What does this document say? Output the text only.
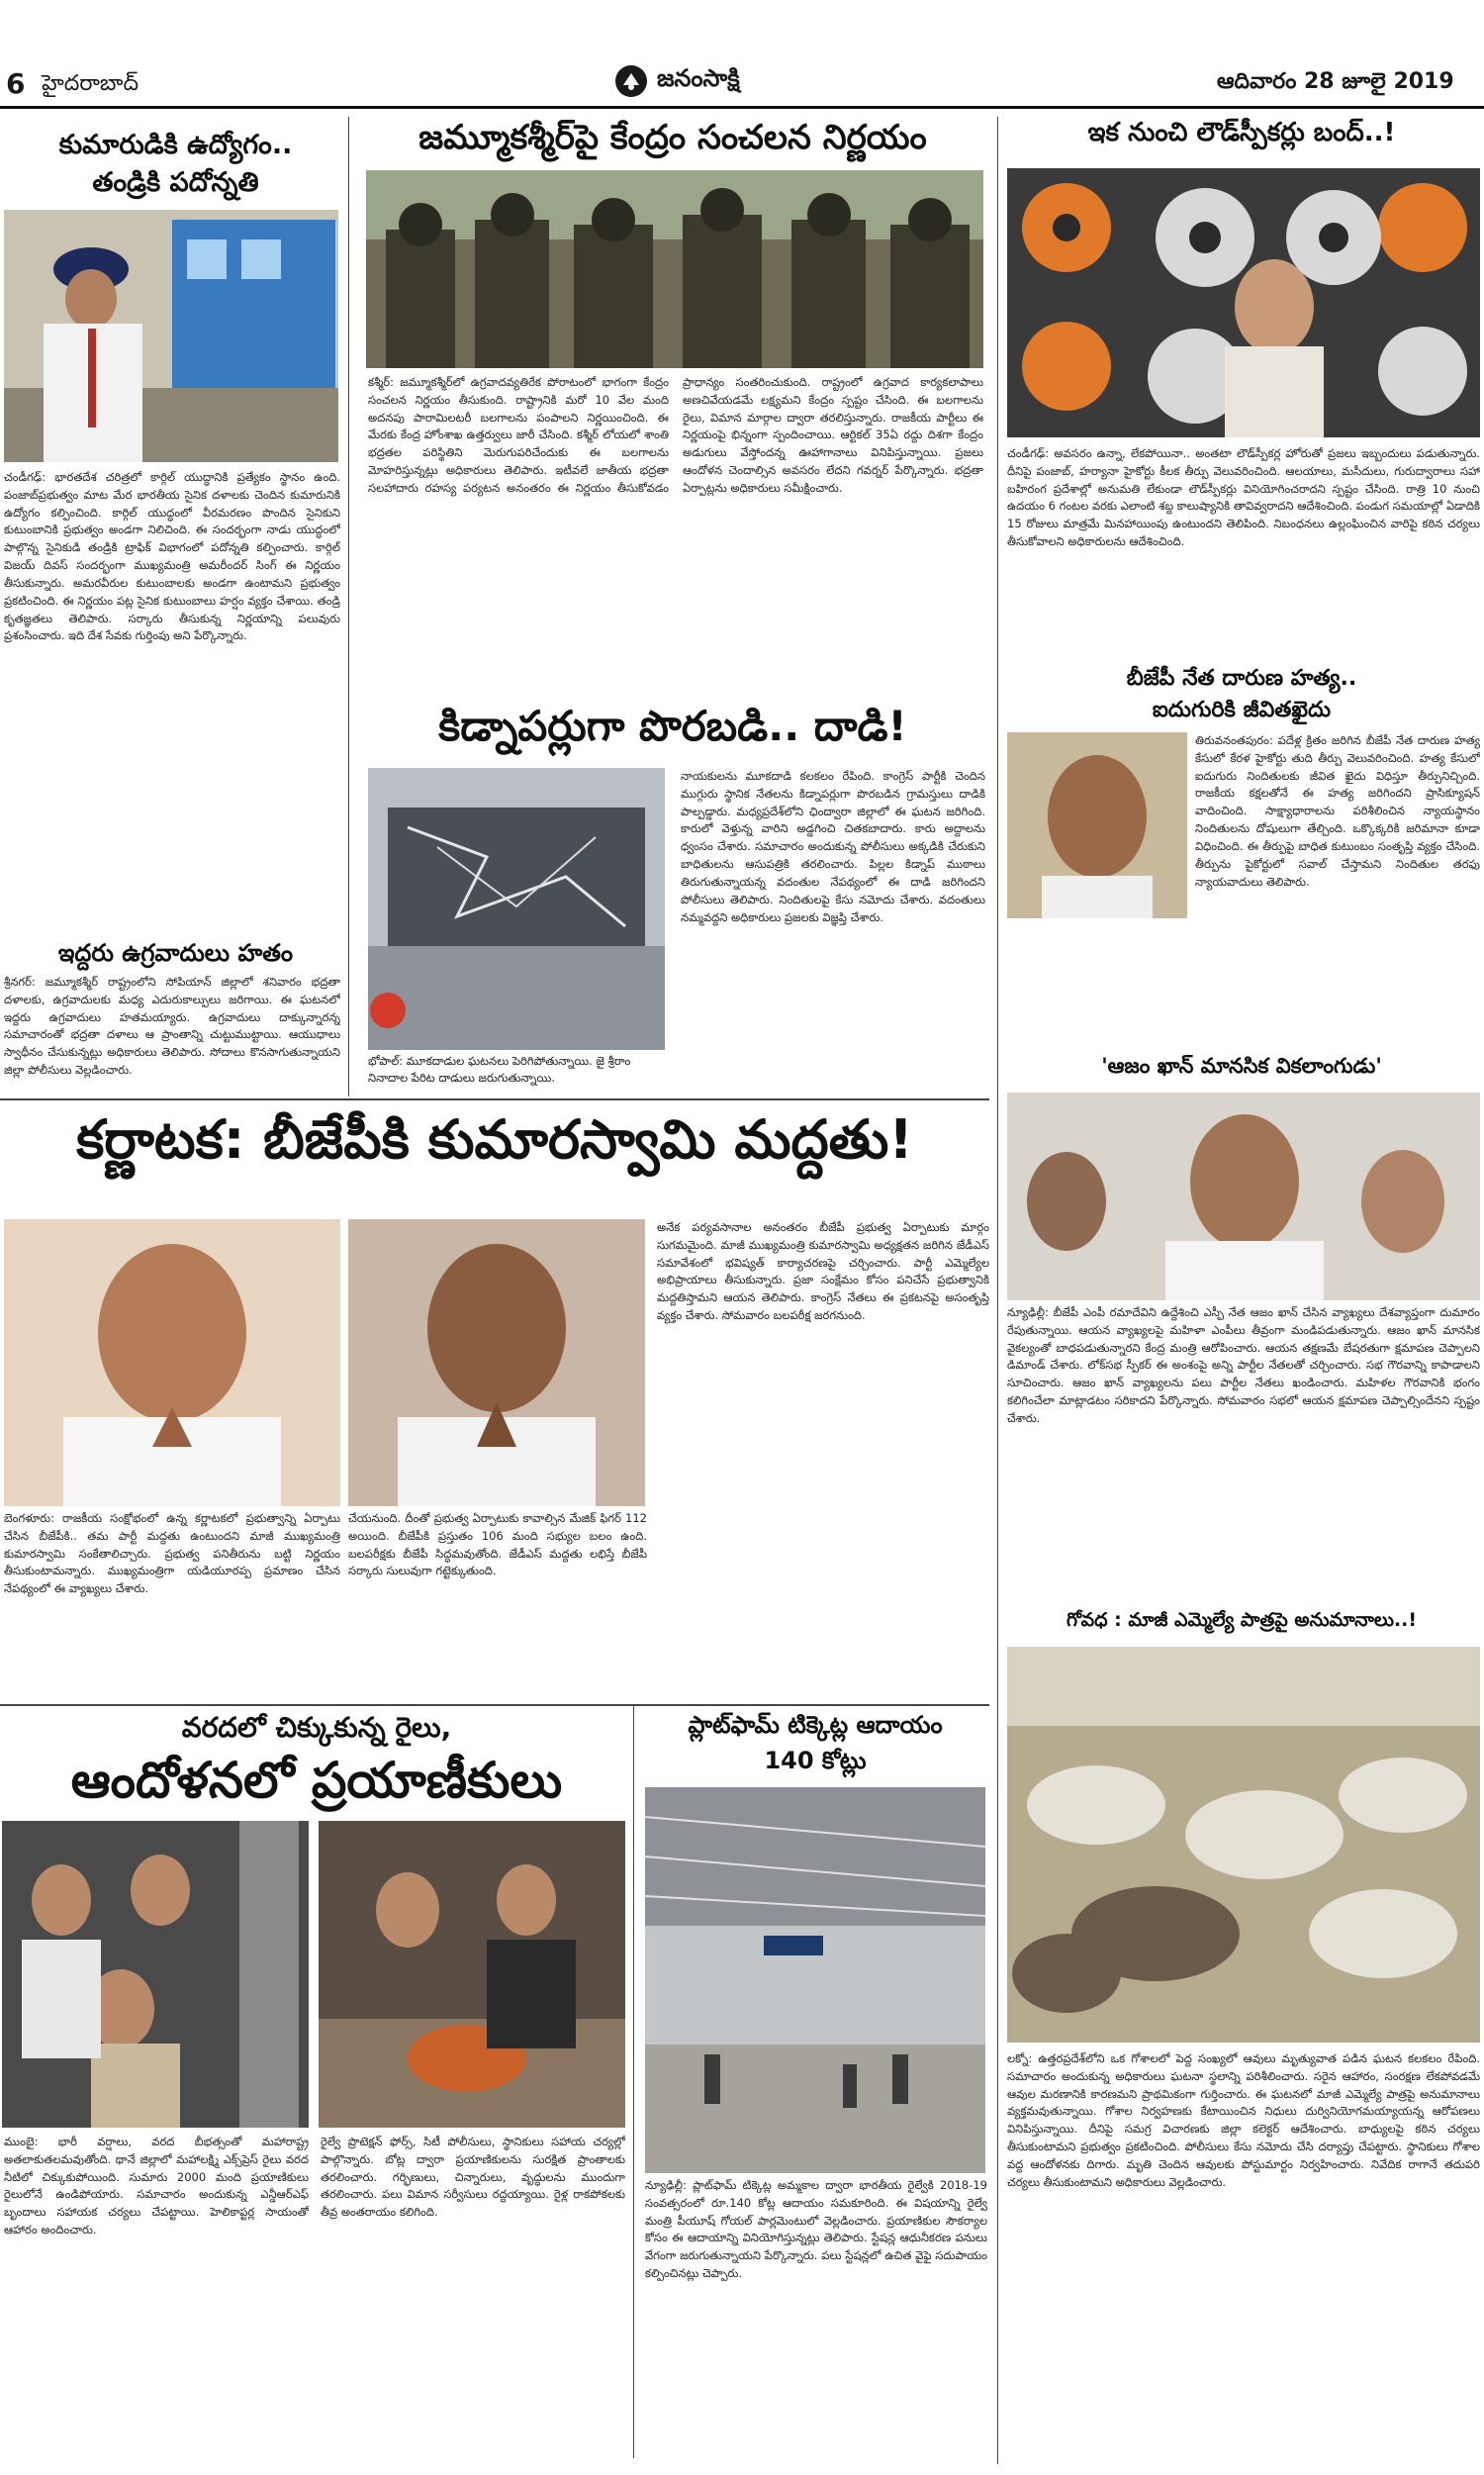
6 హైదరాబాద్	జనంసాక్షి	ఆదివారం 28 జూలై 2019
కుమారుడికి ఉద్యోగం..
తండ్రికి పదోన్నతి
చండీగఢ్‌: భారతదేశ చరిత్రలో కార్గిల్‌ యుద్ధానికి ప్రత్యేకం స్థానం ఉంది. పంజాబ్‌ప్రభుత్వం మాట మేర భారతీయ సైనిక దళాలకు చెందిన కుమారునికి ఉద్యోగం కల్పించింది. కార్గిల్‌ యుద్ధంలో వీరమరణం పొందిన సైనికుని కుటుంబానికి ప్రభుత్వం అండగా నిలిచింది. ఈ సందర్భంగా నాడు యుద్ధంలో పాల్గొన్న సైనికుడి తండ్రికి ట్రాఫిక్‌ విభాగంలో పదోన్నతి కల్పించారు. కార్గిల్‌ విజయ్‌ దివస్‌ సందర్భంగా ముఖ్యమంత్రి అమరీందర్‌ సింగ్‌ ఈ నిర్ణయం తీసుకున్నారు. అమరవీరుల కుటుంబాలకు అండగా ఉంటామని ప్రభుత్వం ప్రకటించింది. ఈ నిర్ణయం పట్ల సైనిక కుటుంబాలు హర్షం వ్యక్తం చేశాయి. తండ్రి కృతజ్ఞతలు తెలిపారు. సర్కారు తీసుకున్న నిర్ణయాన్ని పలువురు ప్రశంసించారు. ఇది దేశ సేవకు గుర్తింపు అని పేర్కొన్నారు.
ఇద్దరు ఉగ్రవాదులు హతం
శ్రీనగర్‌: జమ్మూకశ్మీర్‌ రాష్ట్రంలోని సోపియాన్‌ జిల్లాలో శనివారం భద్రతా దళాలకు, ఉగ్రవాదులకు మధ్య ఎదురుకాల్పులు జరిగాయి. ఈ ఘటనలో ఇద్దరు ఉగ్రవాదులు హతమయ్యారు. ఉగ్రవాదులు దాక్కున్నారన్న సమాచారంతో భద్రతా దళాలు ఆ ప్రాంతాన్ని చుట్టుముట్టాయి. ఆయుధాలు స్వాధీనం చేసుకున్నట్లు అధికారులు తెలిపారు. సోదాలు కొనసాగుతున్నాయని జిల్లా పోలీసులు వెల్లడించారు.
జమ్మూకశ్మీర్‌పై కేంద్రం సంచలన నిర్ణయం
కశ్మీర్‌: జమ్మూకశ్మీర్‌లో ఉగ్రవాదవ్యతిరేక పోరాటంలో భాగంగా కేంద్రం సంచలన నిర్ణయం తీసుకుంది. రాష్ట్రానికి మరో 10 వేల మంది అదనపు పారామిలటరీ బలగాలను పంపాలని నిర్ణయించింది. ఈ మేరకు కేంద్ర హోంశాఖ ఉత్తర్వులు జారీ చేసింది. కశ్మీర్‌ లోయలో శాంతి భద్రతల పరిస్థితిని మెరుగుపరిచేందుకు ఈ బలగాలను మోహరిస్తున్నట్లు అధికారులు తెలిపారు. ఇటీవలే జాతీయ భద్రతా సలహాదారు రహస్య పర్యటన అనంతరం ఈ నిర్ణయం తీసుకోవడం ప్రాధాన్యం సంతరించుకుంది. రాష్ట్రంలో ఉగ్రవాద కార్యకలాపాలు అణచివేయడమే లక్ష్యమని కేంద్రం స్పష్టం చేసింది. ఈ బలగాలను రైలు, విమాన మార్గాల ద్వారా తరలిస్తున్నారు. రాజకీయ పార్టీలు ఈ నిర్ణయంపై భిన్నంగా స్పందించాయి. ఆర్టికల్‌ 35ఏ రద్దు దిశగా కేంద్రం అడుగులు వేస్తోందన్న ఊహాగానాలు వినిపిస్తున్నాయి. ప్రజలు ఆందోళన చెందాల్సిన అవసరం లేదని గవర్నర్‌ పేర్కొన్నారు. భద్రతా ఏర్పాట్లను అధికారులు సమీక్షించారు.
కిడ్నాపర్లుగా పొరబడి.. దాడి!
భోపాల్‌: మూకదాడుల ఘటనలు పెరిగిపోతున్నాయి. జై శ్రీరాం నినాదాల పేరిట దాడులు జరుగుతున్నాయి.
నాయకులను మూకదాడి కలకలం రేపింది. కాంగ్రెస్‌ పార్టీకి చెందిన ముగ్గురు స్థానిక నేతలను కిడ్నాపర్లుగా పొరబడిన గ్రామస్తులు దాడికి పాల్పడ్డారు. మధ్యప్రదేశ్‌లోని ఛింద్వారా జిల్లాలో ఈ ఘటన జరిగింది. కారులో వెళ్తున్న వారిని అడ్డగించి చితకబాదారు. కారు అద్దాలను ధ్వంసం చేశారు. సమాచారం అందుకున్న పోలీసులు అక్కడికి చేరుకుని బాధితులను ఆసుపత్రికి తరలించారు. పిల్లల కిడ్నాప్‌ ముఠాలు తిరుగుతున్నాయన్న వదంతుల నేపథ్యంలో ఈ దాడి జరిగిందని పోలీసులు తెలిపారు. నిందితులపై కేసు నమోదు చేశారు. వదంతులు నమ్మవద్దని అధికారులు ప్రజలకు విజ్ఞప్తి చేశారు.
ఇక నుంచి లౌడ్‌స్పీకర్లు బంద్‌..!
చండీగఢ్‌: అవసరం ఉన్నా, లేకపోయినా.. అంతటా లౌడ్‌స్పీకర్ల హోరుతో ప్రజలు ఇబ్బందులు పడుతున్నారు. దీనిపై పంజాబ్‌, హర్యానా హైకోర్టు కీలక తీర్పు వెలువరించింది. ఆలయాలు, మసీదులు, గురుద్వారాలు సహా బహిరంగ ప్రదేశాల్లో అనుమతి లేకుండా లౌడ్‌స్పీకర్లు వినియోగించరాదని స్పష్టం చేసింది. రాత్రి 10 నుంచి ఉదయం 6 గంటల వరకు ఎలాంటి శబ్ద కాలుష్యానికి తావివ్వరాదని ఆదేశించింది. పండుగ సమయాల్లో ఏడాదికి 15 రోజులు మాత్రమే మినహాయింపు ఉంటుందని తెలిపింది. నిబంధనలు ఉల్లంఘించిన వారిపై కఠిన చర్యలు తీసుకోవాలని అధికారులను ఆదేశించింది.
బీజేపీ నేత దారుణ హత్య..
ఐదుగురికి జీవితఖైదు
తిరువనంతపురం: పదేళ్ల క్రితం జరిగిన బీజేపీ నేత దారుణ హత్య కేసులో కేరళ హైకోర్టు తుది తీర్పు వెలువరించింది. హత్య కేసులో ఐదుగురు నిందితులకు జీవిత ఖైదు విధిస్తూ తీర్పునిచ్చింది. రాజకీయ కక్షలతోనే ఈ హత్య జరిగిందని ప్రాసిక్యూషన్‌ వాదించింది. సాక్ష్యాధారాలను పరిశీలించిన న్యాయస్థానం నిందితులను దోషులుగా తేల్చింది. ఒక్కొక్కరికి జరిమానా కూడా విధించింది. ఈ తీర్పుపై బాధిత కుటుంబం సంతృప్తి వ్యక్తం చేసింది. తీర్పును పైకోర్టులో సవాల్‌ చేస్తామని నిందితుల తరఫు న్యాయవాదులు తెలిపారు.
'ఆజం ఖాన్‌ మానసిక వికలాంగుడు'
న్యూఢిల్లీ: బీజేపీ ఎంపీ రమాదేవిని ఉద్దేశించి ఎస్పీ నేత ఆజం ఖాన్‌ చేసిన వ్యాఖ్యలు దేశవ్యాప్తంగా దుమారం రేపుతున్నాయి. ఆయన వ్యాఖ్యలపై మహిళా ఎంపీలు తీవ్రంగా మండిపడుతున్నారు. ఆజం ఖాన్‌ మానసిక వైకల్యంతో బాధపడుతున్నారని కేంద్ర మంత్రి ఆరోపించారు. ఆయన తక్షణమే బేషరతుగా క్షమాపణ చెప్పాలని డిమాండ్‌ చేశారు. లోక్‌సభ స్పీకర్‌ ఈ అంశంపై అన్ని పార్టీల నేతలతో చర్చించారు. సభ గౌరవాన్ని కాపాడాలని సూచించారు. ఆజం ఖాన్‌ వ్యాఖ్యలను పలు పార్టీల నేతలు ఖండించారు. మహిళల గౌరవానికి భంగం కలిగించేలా మాట్లాడటం సరికాదని పేర్కొన్నారు. సోమవారం సభలో ఆయన క్షమాపణ చెప్పాల్సిందేనని స్పష్టం చేశారు.
గోవధ : మాజీ ఎమ్మెల్యే పాత్రపై అనుమానాలు..!
లక్నో: ఉత్తరప్రదేశ్‌లోని ఒక గోశాలలో పెద్ద సంఖ్యలో ఆవులు మృత్యువాత పడిన ఘటన కలకలం రేపింది. సమాచారం అందుకున్న అధికారులు ఘటనా స్థలాన్ని పరిశీలించారు. సరైన ఆహారం, సంరక్షణ లేకపోవడమే ఆవుల మరణానికి కారణమని ప్రాథమికంగా గుర్తించారు. ఈ ఘటనలో మాజీ ఎమ్మెల్యే పాత్రపై అనుమానాలు వ్యక్తమవుతున్నాయి. గోశాల నిర్వహణకు కేటాయించిన నిధులు దుర్వినియోగమయ్యాయన్న ఆరోపణలు వినిపిస్తున్నాయి. దీనిపై సమగ్ర విచారణకు జిల్లా కలెక్టర్‌ ఆదేశించారు. బాధ్యులపై కఠిన చర్యలు తీసుకుంటామని ప్రభుత్వం ప్రకటించింది. పోలీసులు కేసు నమోదు చేసి దర్యాప్తు చేపట్టారు. స్థానికులు గోశాల వద్ద ఆందోళనకు దిగారు. మృతి చెందిన ఆవులకు పోస్టుమార్టం నిర్వహించారు. నివేదిక రాగానే తదుపరి చర్యలు తీసుకుంటామని అధికారులు వెల్లడించారు.
కర్ణాటక: బీజేపీకి కుమారస్వామి మద్దతు!
బెంగళూరు: రాజకీయ సంక్షోభంలో ఉన్న కర్ణాటకలో ప్రభుత్వాన్ని ఏర్పాటు చేసిన బీజేపీకి.. తమ పార్టీ మద్దతు ఉంటుందని మాజీ ముఖ్యమంత్రి కుమారస్వామి సంకేతాలిచ్చారు. ప్రభుత్వ పనితీరును బట్టి నిర్ణయం తీసుకుంటామన్నారు. ముఖ్యమంత్రిగా యడియూరప్ప ప్రమాణం చేసిన నేపథ్యంలో ఈ వ్యాఖ్యలు చేశారు.
చేయనుంది. దీంతో ప్రభుత్వ ఏర్పాటుకు కావాల్సిన మేజిక్‌ ఫిగర్‌ 112 అయింది. బీజేపీకి ప్రస్తుతం 106 మంది సభ్యుల బలం ఉంది. బలపరీక్షకు బీజేపీ సిద్ధమవుతోంది. జేడీఎస్‌ మద్దతు లభిస్తే బీజేపీ సర్కారు సులువుగా గట్టెక్కుతుంది.
అనేక పర్యవసానాల అనంతరం బీజేపీ ప్రభుత్వ ఏర్పాటుకు మార్గం సుగమమైంది. మాజీ ముఖ్యమంత్రి కుమారస్వామి అధ్యక్షతన జరిగిన జేడీఎస్‌ సమావేశంలో భవిష్యత్‌ కార్యాచరణపై చర్చించారు. పార్టీ ఎమ్మెల్యేల అభిప్రాయాలు తీసుకున్నారు. ప్రజా సంక్షేమం కోసం పనిచేసే ప్రభుత్వానికి మద్దతిస్తామని ఆయన తెలిపారు. కాంగ్రెస్‌ నేతలు ఈ ప్రకటనపై అసంతృప్తి వ్యక్తం చేశారు. సోమవారం బలపరీక్ష జరగనుంది.
వరదలో చిక్కుకున్న రైలు,
ఆందోళనలో ప్రయాణీకులు
ముంబై: భారీ వర్షాలు, వరద బీభత్సంతో మహారాష్ట్ర అతలాకుతలమవుతోంది. థానే జిల్లాలో మహాలక్ష్మి ఎక్స్‌ప్రెస్‌ రైలు వరద నీటిలో చిక్కుకుపోయింది. సుమారు 2000 మంది ప్రయాణికులు రైలులోనే ఉండిపోయారు. సమాచారం అందుకున్న ఎన్డీఆర్‌ఎఫ్‌ బృందాలు సహాయక చర్యలు చేపట్టాయి. హెలికాప్టర్ల సాయంతో ఆహారం అందించారు.
రైల్వే ప్రొటెక్షన్‌ ఫోర్స్‌, సిటీ పోలీసులు, స్థానికులు సహాయ చర్యల్లో పాల్గొన్నారు. బోట్ల ద్వారా ప్రయాణికులను సురక్షిత ప్రాంతాలకు తరలించారు. గర్భిణులు, చిన్నారులు, వృద్ధులను ముందుగా తరలించారు. పలు విమాన సర్వీసులు రద్దయ్యాయి. రైళ్ల రాకపోకలకు తీవ్ర అంతరాయం కలిగింది.
ప్లాట్‌ఫామ్‌ టిక్కెట్ల ఆదాయం
140 కోట్లు
న్యూఢిల్లీ: ప్లాట్‌ఫామ్‌ టిక్కెట్ల అమ్మకాల ద్వారా భారతీయ రైల్వేకి 2018-19 సంవత్సరంలో రూ.140 కోట్ల ఆదాయం సమకూరింది. ఈ విషయాన్ని రైల్వే మంత్రి పీయూష్‌ గోయల్‌ పార్లమెంటులో వెల్లడించారు. ప్రయాణికుల సౌకర్యాల కోసం ఈ ఆదాయాన్ని వినియోగిస్తున్నట్లు తెలిపారు. స్టేషన్ల ఆధునీకరణ పనులు వేగంగా జరుగుతున్నాయని పేర్కొన్నారు. పలు స్టేషన్లలో ఉచిత వైఫై సదుపాయం కల్పించినట్లు చెప్పారు.
